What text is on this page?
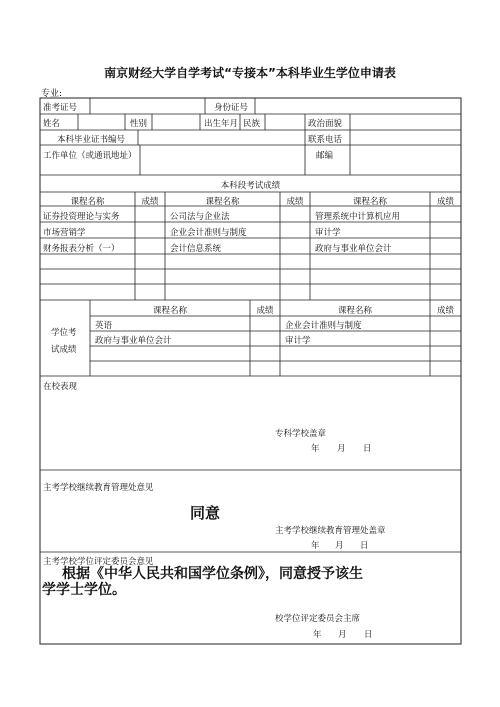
南京财经大学自学考试“专接本”本科毕业生学位申请表
专业:
准考证号	身份证号
姓名	性别	出生年月 民族	政治面貌
本科毕业证书编号	联系电话
工作单位（或通讯地址）	邮编
本科段考试成绩
课程名称	成绩	课程名称	成绩	课程名称	成绩
证券投资理论与实务	公司法与企业法	管理系统中计算机应用
市场营销学	企业会计准则与制度	审计学
财务报表分析（一）	会计信息系统	政府与事业单位会计
学位考
试成绩
课程名称	成绩	课程名称	成绩
英语	企业会计准则与制度
政府与事业单位会计	审计学
在校表现
专科学校盖章
年 月 日
主考学校继续教育管理处意见
同意
主考学校继续教育管理处盖章
年 月 日
主考学校学位评定委员会意见
根据《中华人民共和国学位条例》，同意授予该生
学学士学位。
校学位评定委员会主席
年 月 日
